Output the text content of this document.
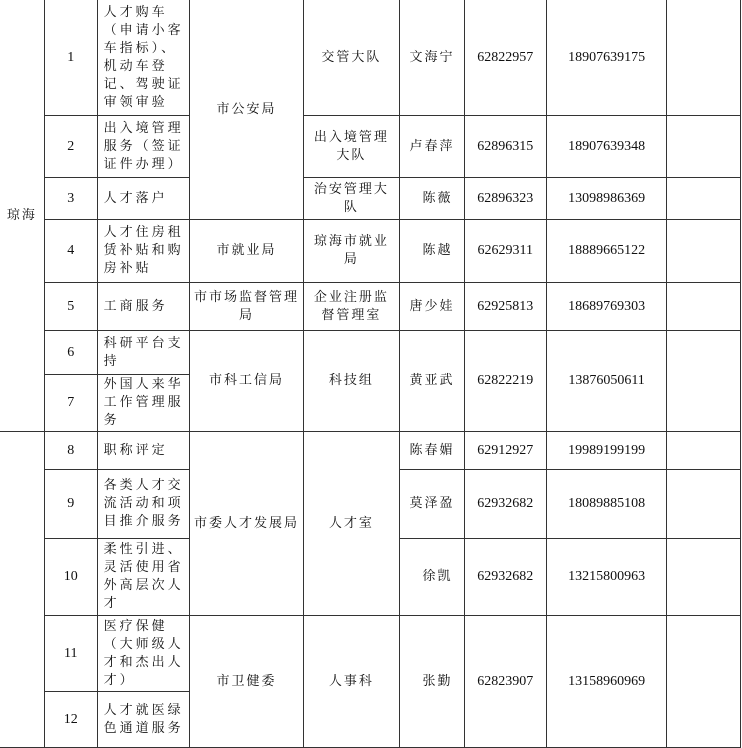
琼海	1	人才购车（申请小客车指标）、机动车登记、驾驶证审领审验	市公安局	交管大队	文海宁	62822957	18907639175	
	2	出入境管理服务（签证证件办理）		出入境管理大队	卢春萍	62896315	18907639348	
	3	人才落户		治安管理大队	陈薇	62896323	13098986369	
	4	人才住房租赁补贴和购房补贴	市就业局	琼海市就业局	陈越	62629311	18889665122	
	5	工商服务	市市场监督管理局	企业注册监督管理室	唐少娃	62925813	18689769303	
	6	科研平台支持	市科工信局	科技组	黄亚武	62822219	13876050611	
	7	外国人来华工作管理服务						
	8	职称评定	市委人才发展局	人才室	陈春媚	62912927	19989199199	
	9	各类人才交流活动和项目推介服务			莫泽盈	62932682	18089885108	
	10	柔性引进、灵活使用省外高层次人才			徐凯	62932682	13215800963	
	11	医疗保健（大师级人才和杰出人才）	市卫健委	人事科	张勤	62823907	13158960969	
	12	人才就医绿色通道服务						
